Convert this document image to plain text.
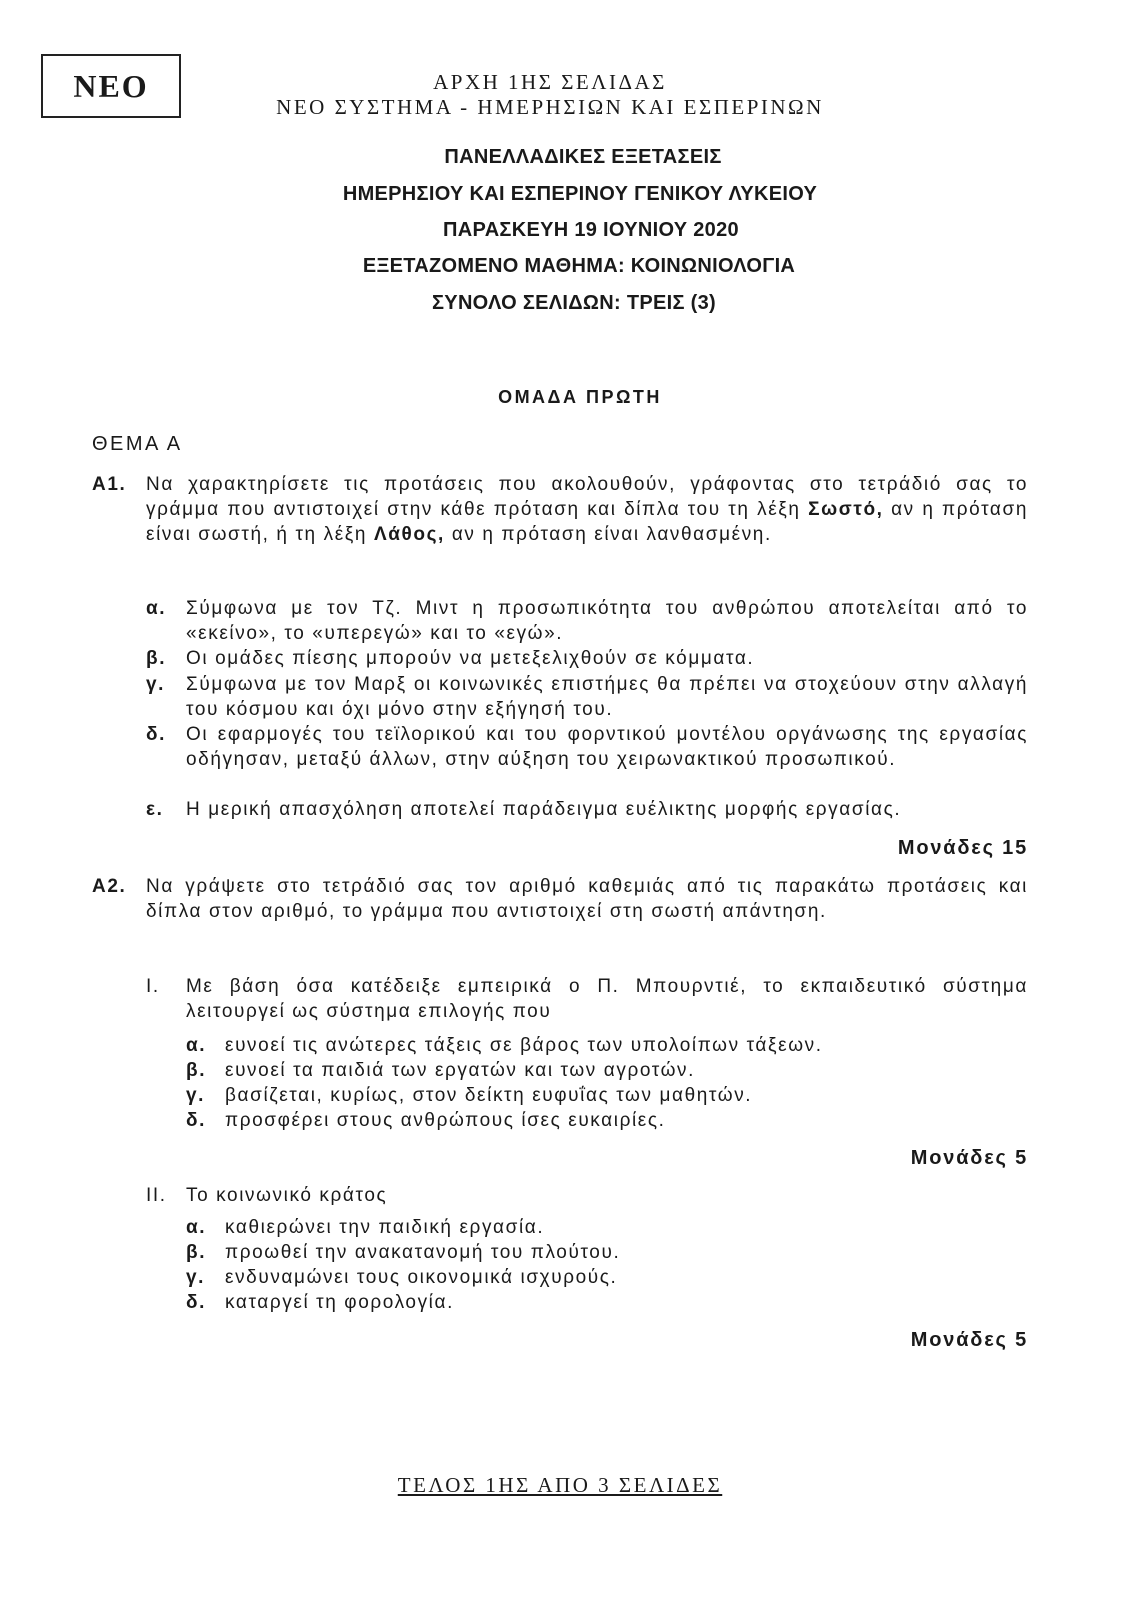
ΝΕΟ	ΑΡΧΗ 1ΗΣ ΣΕΛΙΔΑΣ
ΝΕΟ ΣΥΣΤΗΜΑ - ΗΜΕΡΗΣΙΩΝ ΚΑΙ ΕΣΠΕΡΙΝΩΝ
ΠΑΝΕΛΛΑΔΙΚΕΣ ΕΞΕΤΑΣΕΙΣ
ΗΜΕΡΗΣΙΟΥ ΚΑΙ ΕΣΠΕΡΙΝΟΥ ΓΕΝΙΚΟΥ ΛΥΚΕΙΟΥ
ΠΑΡΑΣΚΕΥΗ 19 ΙΟΥΝΙΟΥ 2020
ΕΞΕΤΑΖΟΜΕΝΟ ΜΑΘΗΜΑ: ΚΟΙΝΩΝΙΟΛΟΓΙΑ
ΣΥΝΟΛΟ ΣΕΛΙΔΩΝ: ΤΡΕΙΣ (3)
ΟΜΑΔΑ ΠΡΩΤΗ
ΘΕΜΑ Α
Α1. Να χαρακτηρίσετε τις προτάσεις που ακολουθούν, γράφοντας στο τετράδιό σας το γράμμα που αντιστοιχεί στην κάθε πρόταση και δίπλα του τη λέξη Σωστό, αν η πρόταση είναι σωστή, ή τη λέξη Λάθος, αν η πρόταση είναι λανθασμένη.
α. Σύμφωνα με τον Τζ. Μιντ η προσωπικότητα του ανθρώπου αποτελείται από το «εκείνο», το «υπερεγώ» και το «εγώ».
β. Οι ομάδες πίεσης μπορούν να μετεξελιχθούν σε κόμματα.
γ. Σύμφωνα με τον Μαρξ οι κοινωνικές επιστήμες θα πρέπει να στοχεύουν στην αλλαγή του κόσμου και όχι μόνο στην εξήγησή του.
δ. Οι εφαρμογές του τεϊλορικού και του φορντικού μοντέλου οργάνωσης της εργασίας οδήγησαν, μεταξύ άλλων, στην αύξηση του χειρωνακτικού προσωπικού.
ε. Η μερική απασχόληση αποτελεί παράδειγμα ευέλικτης μορφής εργασίας.
Μονάδες 15
Α2. Να γράψετε στο τετράδιό σας τον αριθμό καθεμιάς από τις παρακάτω προτάσεις και δίπλα στον αριθμό, το γράμμα που αντιστοιχεί στη σωστή απάντηση.
Ι. Με βάση όσα κατέδειξε εμπειρικά ο Π. Μπουρντιέ, το εκπαιδευτικό σύστημα λειτουργεί ως σύστημα επιλογής που
α. ευνοεί τις ανώτερες τάξεις σε βάρος των υπολοίπων τάξεων.
β. ευνοεί τα παιδιά των εργατών και των αγροτών.
γ. βασίζεται, κυρίως, στον δείκτη ευφυΐας των μαθητών.
δ. προσφέρει στους ανθρώπους ίσες ευκαιρίες.
Μονάδες 5
ΙΙ. Το κοινωνικό κράτος
α. καθιερώνει την παιδική εργασία.
β. προωθεί την ανακατανομή του πλούτου.
γ. ενδυναμώνει τους οικονομικά ισχυρούς.
δ. καταργεί τη φορολογία.
Μονάδες 5
ΤΕΛΟΣ 1ΗΣ ΑΠΟ 3 ΣΕΛΙΔΕΣ
